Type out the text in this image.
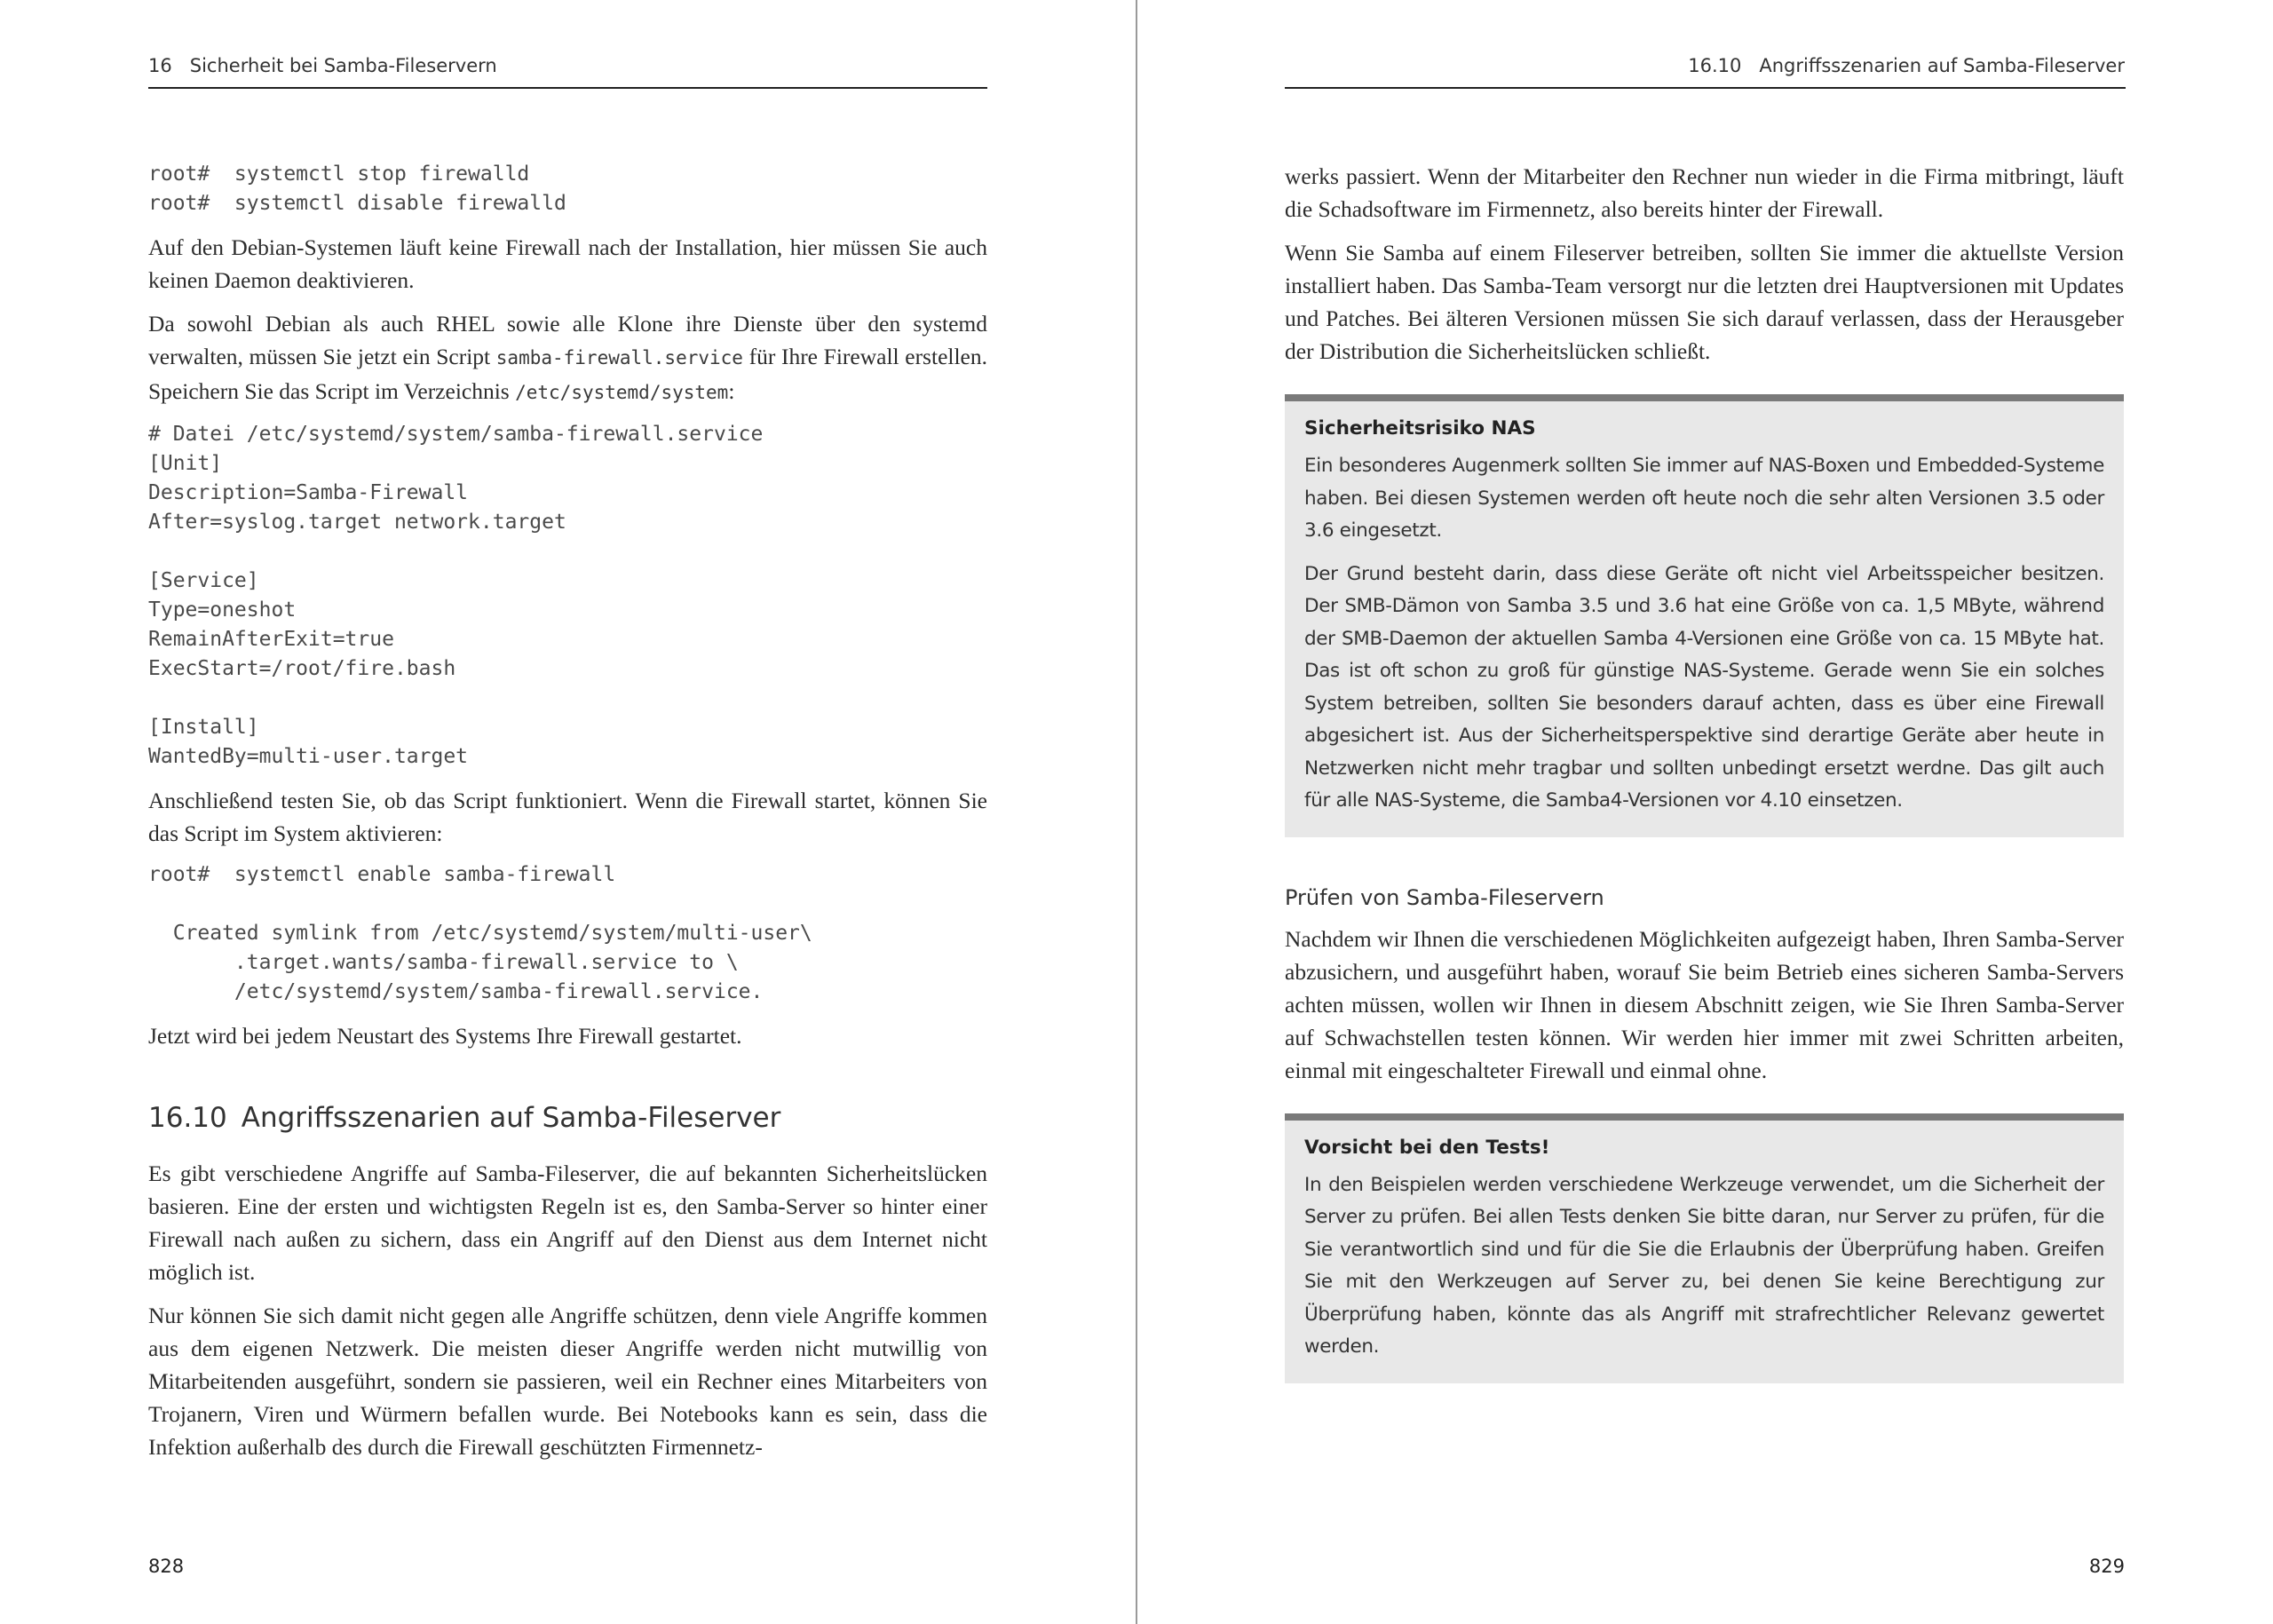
16 Sicherheit bei Samba-Fileservern
root#  systemctl stop firewalld
root#  systemctl disable firewalld

Auf den Debian-Systemen läuft keine Firewall nach der Installation, hier müssen Sie auch keinen Daemon deaktivieren.

Da sowohl Debian als auch RHEL sowie alle Klone ihre Dienste über den systemd verwalten, müssen Sie jetzt ein Script samba-firewall.service für Ihre Firewall erstellen. Speichern Sie das Script im Verzeichnis /etc/systemd/system:

# Datei /etc/systemd/system/samba-firewall.service
[Unit]
Description=Samba-Firewall
After=syslog.target network.target

[Service]
Type=oneshot
RemainAfterExit=true
ExecStart=/root/fire.bash

[Install]
WantedBy=multi-user.target

Anschließend testen Sie, ob das Script funktioniert. Wenn die Firewall startet, können Sie das Script im System aktivieren:

root#  systemctl enable samba-firewall

Created symlink from /etc/systemd/system/multi-user\
.target.wants/samba-firewall.service to \
/etc/systemd/system/samba-firewall.service.

Jetzt wird bei jedem Neustart des Systems Ihre Firewall gestartet.

16.10 Angriffsszenarien auf Samba-Fileserver

Es gibt verschiedene Angriffe auf Samba-Fileserver, die auf bekannten Sicherheitslücken basieren. Eine der ersten und wichtigsten Regeln ist es, den Samba-Server so hinter einer Firewall nach außen zu sichern, dass ein Angriff auf den Dienst aus dem Internet nicht möglich ist.

Nur können Sie sich damit nicht gegen alle Angriffe schützen, denn viele Angriffe kommen aus dem eigenen Netzwerk. Die meisten dieser Angriffe werden nicht mutwillig von Mitarbeitenden ausgeführt, sondern sie passieren, weil ein Rechner eines Mitarbeiters von Trojanern, Viren und Würmern befallen wurde. Bei Notebooks kann es sein, dass die Infektion außerhalb des durch die Firewall geschützten Firmennetz -

828
16.10 Angriffsszenarien auf Samba-Fileserver

werks passiert. Wenn der Mitarbeiter den Rechner nun wieder in die Firma mitbringt, läuft die Schadsoftware im Firmennetz, also bereits hinter der Firewall.

Wenn Sie Samba auf einem Fileserver betreiben, sollten Sie immer die aktuellste Version installiert haben. Das Samba-Team versorgt nur die letzten drei Hauptversionen mit Updates und Patches. Bei älteren Versionen müssen Sie sich darauf verlassen, dass der Herausgeber der Distribution die Sicherheitslücken schließt.

Sicherheitsrisiko NAS

Ein besonderes Augenmerk sollten Sie immer auf NAS-Boxen und Embedded-Systeme haben. Bei diesen Systemen werden oft heute noch die sehr alten Versionen 3.5 oder 3.6 eingesetzt.

Der Grund besteht darin, dass diese Geräte oft nicht viel Arbeitsspeicher besitzen. Der SMB-Dämon von Samba 3.5 und 3.6 hat eine Größe von ca. 1,5 MByte, während der SMB-Daemon der aktuellen Samba 4-Versionen eine Größe von ca. 15 MByte hat. Das ist oft schon zu groß für günstige NAS-Systeme. Gerade wenn Sie ein solches System betreiben, sollten Sie besonders darauf achten, dass es über eine Firewall abgesichert ist. Aus der Sicherheitsperspektive sind derartige Geräte aber heute in Netzwerken nicht mehr tragbar und sollten unbedingt ersetzt werdne. Das gilt auch für alle NAS-Systeme, die Samba4-Versionen vor 4.10 einsetzen.

Prüfen von Samba-Fileservern

Nachdem wir Ihnen die verschiedenen Möglichkeiten aufgezeigt haben, Ihren Samba-Server abzusichern, und ausgeführt haben, worauf Sie beim Betrieb eines sicheren Samba-Servers achten müssen, wollen wir Ihnen in diesem Abschnitt zeigen, wie Sie Ihren Samba-Server auf Schwachstellen testen können. Wir werden hier immer mit zwei Schritten arbeiten, einmal mit eingeschalteter Firewall und einmal ohne.

Vorsicht bei den Tests!

In den Beispielen werden verschiedene Werkzeuge verwendet, um die Sicherheit der Server zu prüfen. Bei allen Tests denken Sie bitte daran, nur Server zu prüfen, für die Sie verantwortlich sind und für die Sie die Erlaubnis der Überprüfung haben. Greifen Sie mit den Werkzeugen auf Server zu, bei denen Sie keine Berechtigung zur Überprüfung haben, könnte das als Angriff mit strafrechtlicher Relevanz gewertet werden.

829
